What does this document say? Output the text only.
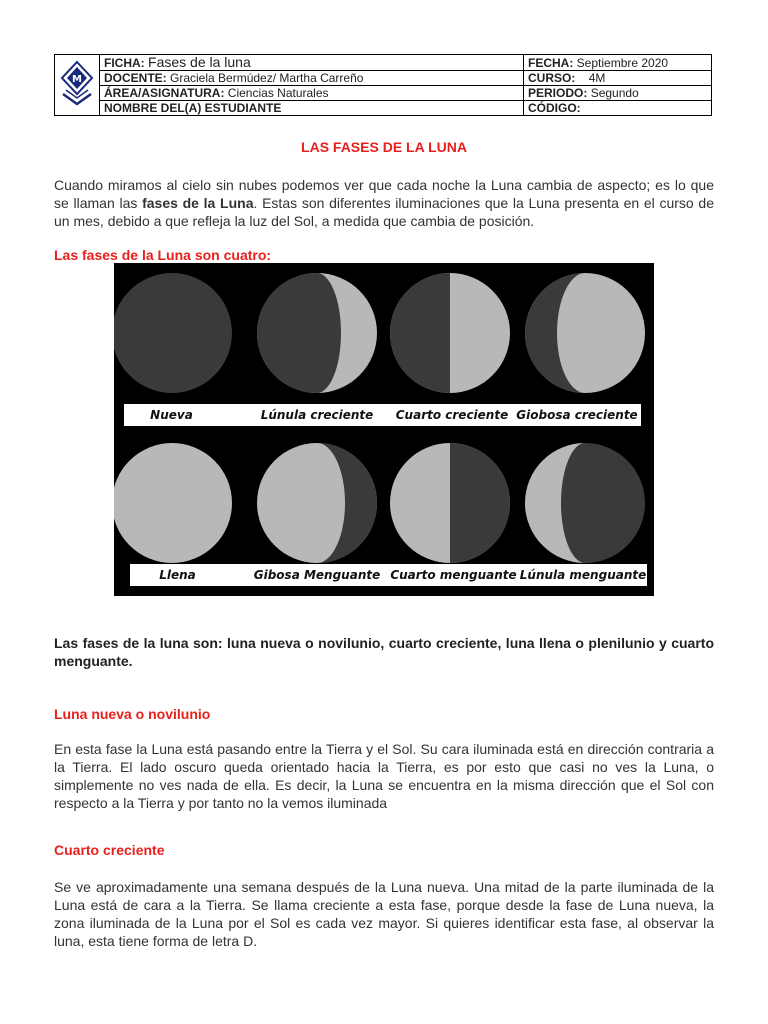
M	FICHA: Fases de la luna	FECHA: Septiembre 2020
	DOCENTE: Graciela Bermúdez/ Martha Carreño	CURSO: 4M
	ÁREA/ASIGNATURA: Ciencias Naturales	PERIODO: Segundo
	NOMBRE DEL(A) ESTUDIANTE	CÓDIGO:
LAS FASES DE LA LUNA
Cuando miramos al cielo sin nubes podemos ver que cada noche la Luna cambia de aspecto; es lo que se llaman las fases de la Luna. Estas son diferentes iluminaciones que la Luna presenta en el curso de un mes, debido a que refleja la luz del Sol, a medida que cambia de posición.
Las fases de la Luna son cuatro:
Nueva	Lúnula creciente	Cuarto creciente Giobosa creciente
Llena	Gibosa Menguante Cuarto menguante Lúnula menguante
Las fases de la luna son: luna nueva o novilunio, cuarto creciente, luna llena o plenilunio y cuarto menguante.
Luna nueva o novilunio
En esta fase la Luna está pasando entre la Tierra y el Sol. Su cara iluminada está en dirección contraria a la Tierra. El lado oscuro queda orientado hacia la Tierra, es por esto que casi no ves la Luna, o simplemente no ves nada de ella. Es decir, la Luna se encuentra en la misma dirección que el Sol con respecto a la Tierra y por tanto no la vemos iluminada
Cuarto creciente
Se ve aproximadamente una semana después de la Luna nueva. Una mitad de la parte iluminada de la Luna está de cara a la Tierra. Se llama creciente a esta fase, porque desde la fase de Luna nueva, la zona iluminada de la Luna por el Sol es cada vez mayor. Si quieres identificar esta fase, al observar la luna, esta tiene forma de letra D.
